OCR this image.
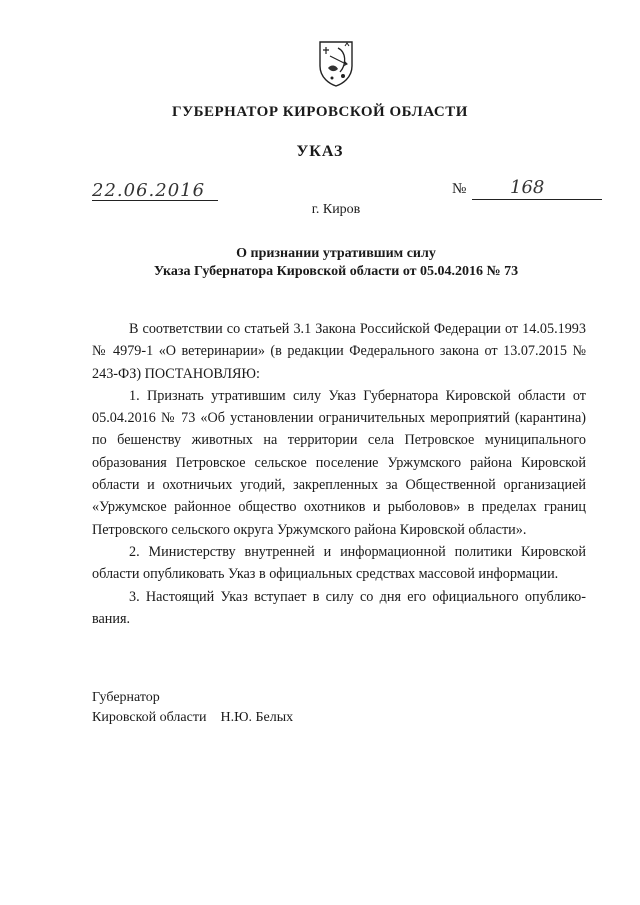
ГУБЕРНАТОР КИРОВСКОЙ ОБЛАСТИ
УКАЗ
22.06.2016	№ 168
г. Киров
О признании утратившим силу
Указа Губернатора Кировской области от 05.04.2016 № 73

В соответствии со статьей 3.1 Закона Российской Федерации от 14.05.1993 № 4979-1 «О ветеринарии» (в редакции Федерального закона от 13.07.2015 № 243-ФЗ) ПОСТАНОВЛЯЮ:

1. Признать утратившим силу Указ Губернатора Кировской области от 05.04.2016 № 73 «Об установлении ограничительных мероприятий (карантина) по бешенству животных на территории села Петровское муниципального образования Петровское сельское поселение Уржумского района Кировской области и охотничьих угодий, закрепленных за Общественной организацией «Уржумское районное общество охотников и рыболовов» в пределах границ Петровского сельского округа Уржумского района Кировской области».

2. Министерству внутренней и информационной политики Кировской области опубликовать Указ в официальных средствах массовой информации.

3. Настоящий Указ вступает в силу со дня его официального опубликования.

Губернатор
Кировской области Н.Ю. Белых
